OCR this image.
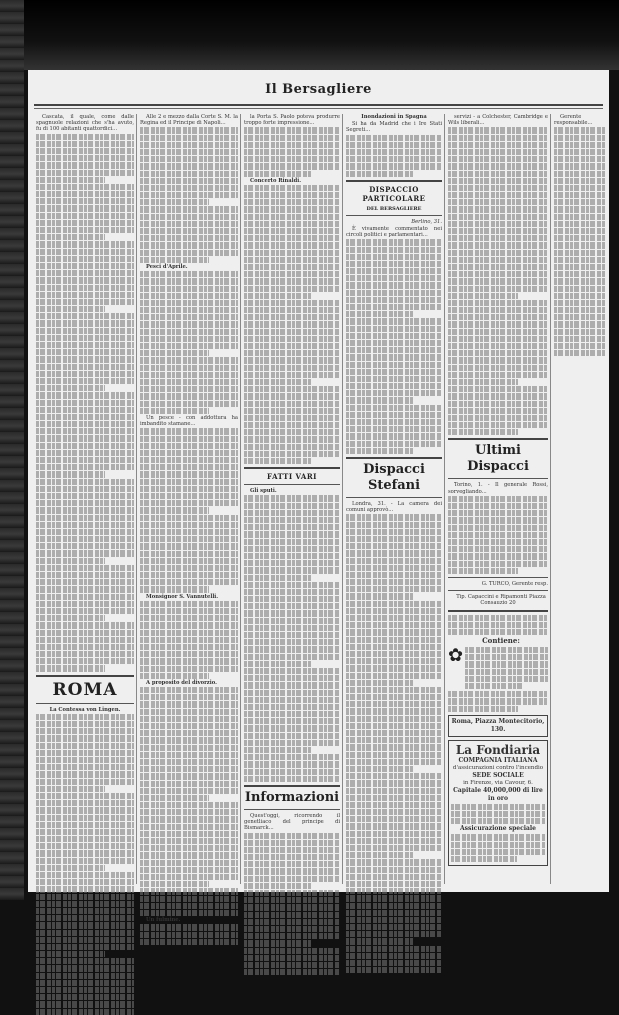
Il Bersagliere

Cascata, il quale, come dalle spagnuole relazioni che s'ha avuto, fu di 100 abitanti quattordici...

ROMA

La Contessa von Lingen.

Alle 2 e mezzo dalla Corte S. M. la Regina ed il Principe di Napoli...

Pesci d'Aprile.

Un pesce - con addottura ha imbandito stamane...

Monsignor S. Vannutelli.

A proposito del divorzio.

Un fulmine.

la Porta S. Paolo poteva produrre troppo forte impressione...

Concerto Rinaldi.

FATTI VARI

Gli sputi.

Informazioni

Quest'oggi, ricorrendo il genetliaco del principe di Bismarck...

Inondazioni in Spagna

Si ha da Madrid che i Ire Stati Segreti...

DISPACCIO PARTICOLARE
DEL BERSAGLIERE

Berlino, 31.

È vivamente commentato nei circoli politici e parlamentari...

Dispacci Stefani

Londra, 31. - La camera dei comuni approvò...

servizi - a Colchester, Cambridge e Wils liberali...

Ultimi Dispacci

Torino, 1. - Il generale Rossi, sorvegliando...

G. TURCO, Gerente resp.

Tip. Capaccini e Ripamonti Piazza Consauzio 20

Contiene:

✿
Roma, Piazza Montecitorio, 130.
La Fondiaria
COMPAGNIA ITALIANA
d'assicurazioni contro l'incendio
SEDE SOCIALE
in Firenze, via Cavour, 6.
Capitale 40,000,000 di lire in oro
Assicurazione speciale

Gerente responsabile...
